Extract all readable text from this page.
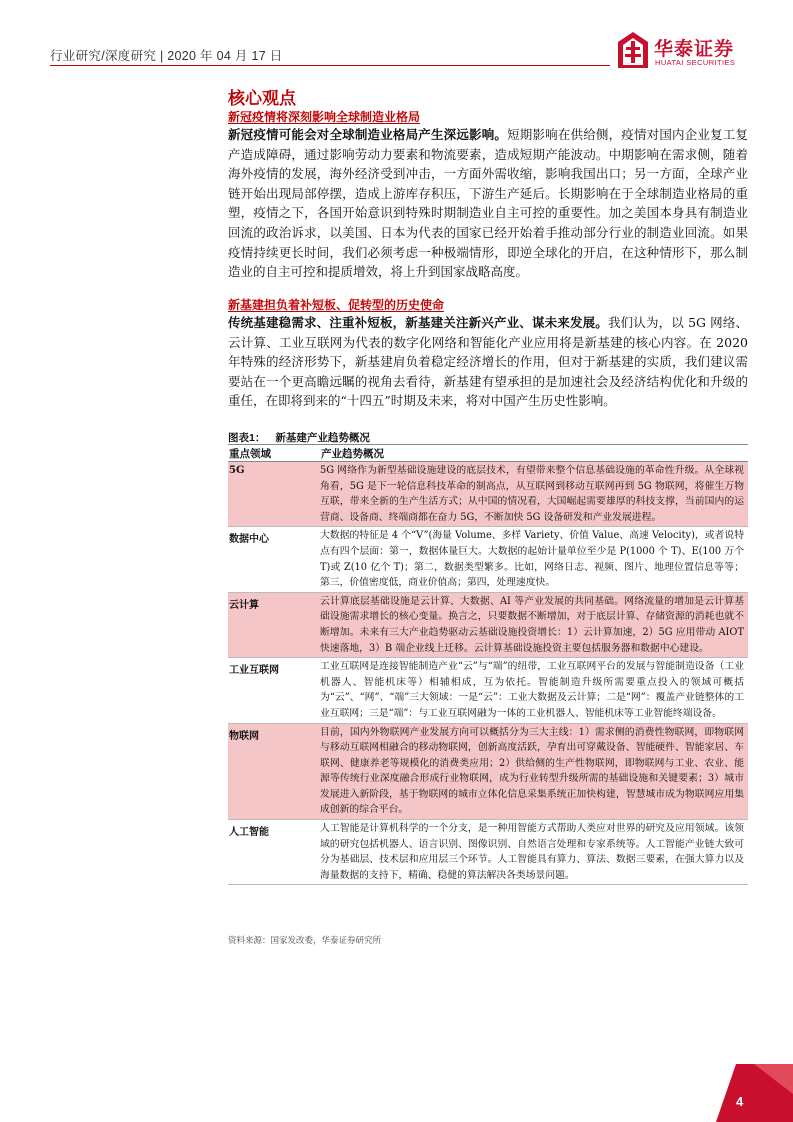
行业研究/深度研究 | 2020 年 04 月 17 日	华泰证券
HUATAI SECURITIES
核心观点
新冠疫情将深刻影响全球制造业格局

新冠疫情可能会对全球制造业格局产生深远影响。短期影响在供给侧，疫情对国内企业复工复产造成障碍，通过影响劳动力要素和物流要素，造成短期产能波动。中期影响在需求侧，随着海外疫情的发展，海外经济受到冲击，一方面外需收缩，影响我国出口；另一方面，全球产业链开始出现局部停摆，造成上游库存积压，下游生产延后。长期影响在于全球制造业格局的重塑，疫情之下，各国开始意识到特殊时期制造业自主可控的重要性。加之美国本身具有制造业回流的政治诉求，以美国、日本为代表的国家已经开始着手推动部分行业的制造业回流。如果疫情持续更长时间，我们必须考虑一种极端情形，即逆全球化的开启，在这种情形下，那么制造业的自主可控和提质增效，将上升到国家战略高度。

新基建担负着补短板、促转型的历史使命

传统基建稳需求、注重补短板，新基建关注新兴产业、谋未来发展。我们认为，以 5G 网络、云计算、工业互联网为代表的数字化网络和智能化产业应用将是新基建的核心内容。在 2020 年特殊的经济形势下，新基建肩负着稳定经济增长的作用，但对于新基建的实质，我们建议需要站在一个更高瞻远瞩的视角去看待，新基建有望承担的是加速社会及经济结构优化和升级的重任，在即将到来的“十四五”时期及未来，将对中国产生历史性影响。

图表1： 新基建产业趋势概况
重点领域	产业趋势概况
5G	5G 网络作为新型基础设施建设的底层技术，有望带来整个信息基础设施的革命性升级。从全球视角看，5G 是下一轮信息科技革命的制高点，从互联网到移动互联网再到 5G 物联网，将催生万物互联，带来全新的生产生活方式；从中国的情况看，大国崛起需要雄厚的科技支撑，当前国内的运营商、设备商、终端商都在奋力 5G，不断加快 5G 设备研发和产业发展进程。
数据中心	大数据的特征是 4 个“V”(海量 Volume、多样 Variety、价值 Value、高速 Velocity)，或者说特点有四个层面：第一，数据体量巨大。大数据的起始计量单位至少是 P(1000 个 T)、E(100 万个 T)或 Z(10 亿个 T)；第二，数据类型繁多。比如，网络日志、视频、图片、地理位置信息等等；第三，价值密度低，商业价值高；第四，处理速度快。
云计算	云计算底层基础设施是云计算、大数据、AI 等产业发展的共同基础。网络流量的增加是云计算基础设施需求增长的核心变量。换言之，只要数据不断增加，对于底层计算、存储资源的消耗也就不断增加。未来有三大产业趋势驱动云基础设施投资增长：1）云计算加速，2）5G 应用带动 AIOT 快速落地，3）B 端企业线上迁移。云计算基础设施投资主要包括服务器和数据中心建设。
工业互联网	工业互联网是连接智能制造产业“云”与“端”的纽带，工业互联网平台的发展与智能制造设备（工业机器人、智能机床等）相辅相成，互为依托。智能制造升级所需要重点投入的领域可概括为“云”、“网”、“端”三大领域：一是“云”：工业大数据及云计算；二是“网”：覆盖产业链整体的工业互联网；三是“端”：与工业互联网融为一体的工业机器人、智能机床等工业智能终端设备。
物联网	目前，国内外物联网产业发展方向可以概括分为三大主线：1）需求侧的消费性物联网，即物联网与移动互联网相融合的移动物联网，创新高度活跃，孕育出可穿戴设备、智能硬件、智能家居、车联网、健康养老等规模化的消费类应用；2）供给侧的生产性物联网，即物联网与工业、农业、能源等传统行业深度融合形成行业物联网，成为行业转型升级所需的基础设施和关键要素；3）城市发展进入新阶段，基于物联网的城市立体化信息采集系统正加快构建，智慧城市成为物联网应用集成创新的综合平台。
人工智能	人工智能是计算机科学的一个分支，是一种用智能方式帮助人类应对世界的研究及应用领域。该领域的研究包括机器人、语言识别、图像识别、自然语言处理和专家系统等。人工智能产业链大致可分为基础层、技术层和应用层三个环节。人工智能具有算力、算法、数据三要素，在强大算力以及海量数据的支持下，精确、稳健的算法解决各类场景问题。
资料来源：国家发改委，华泰证券研究所
4
